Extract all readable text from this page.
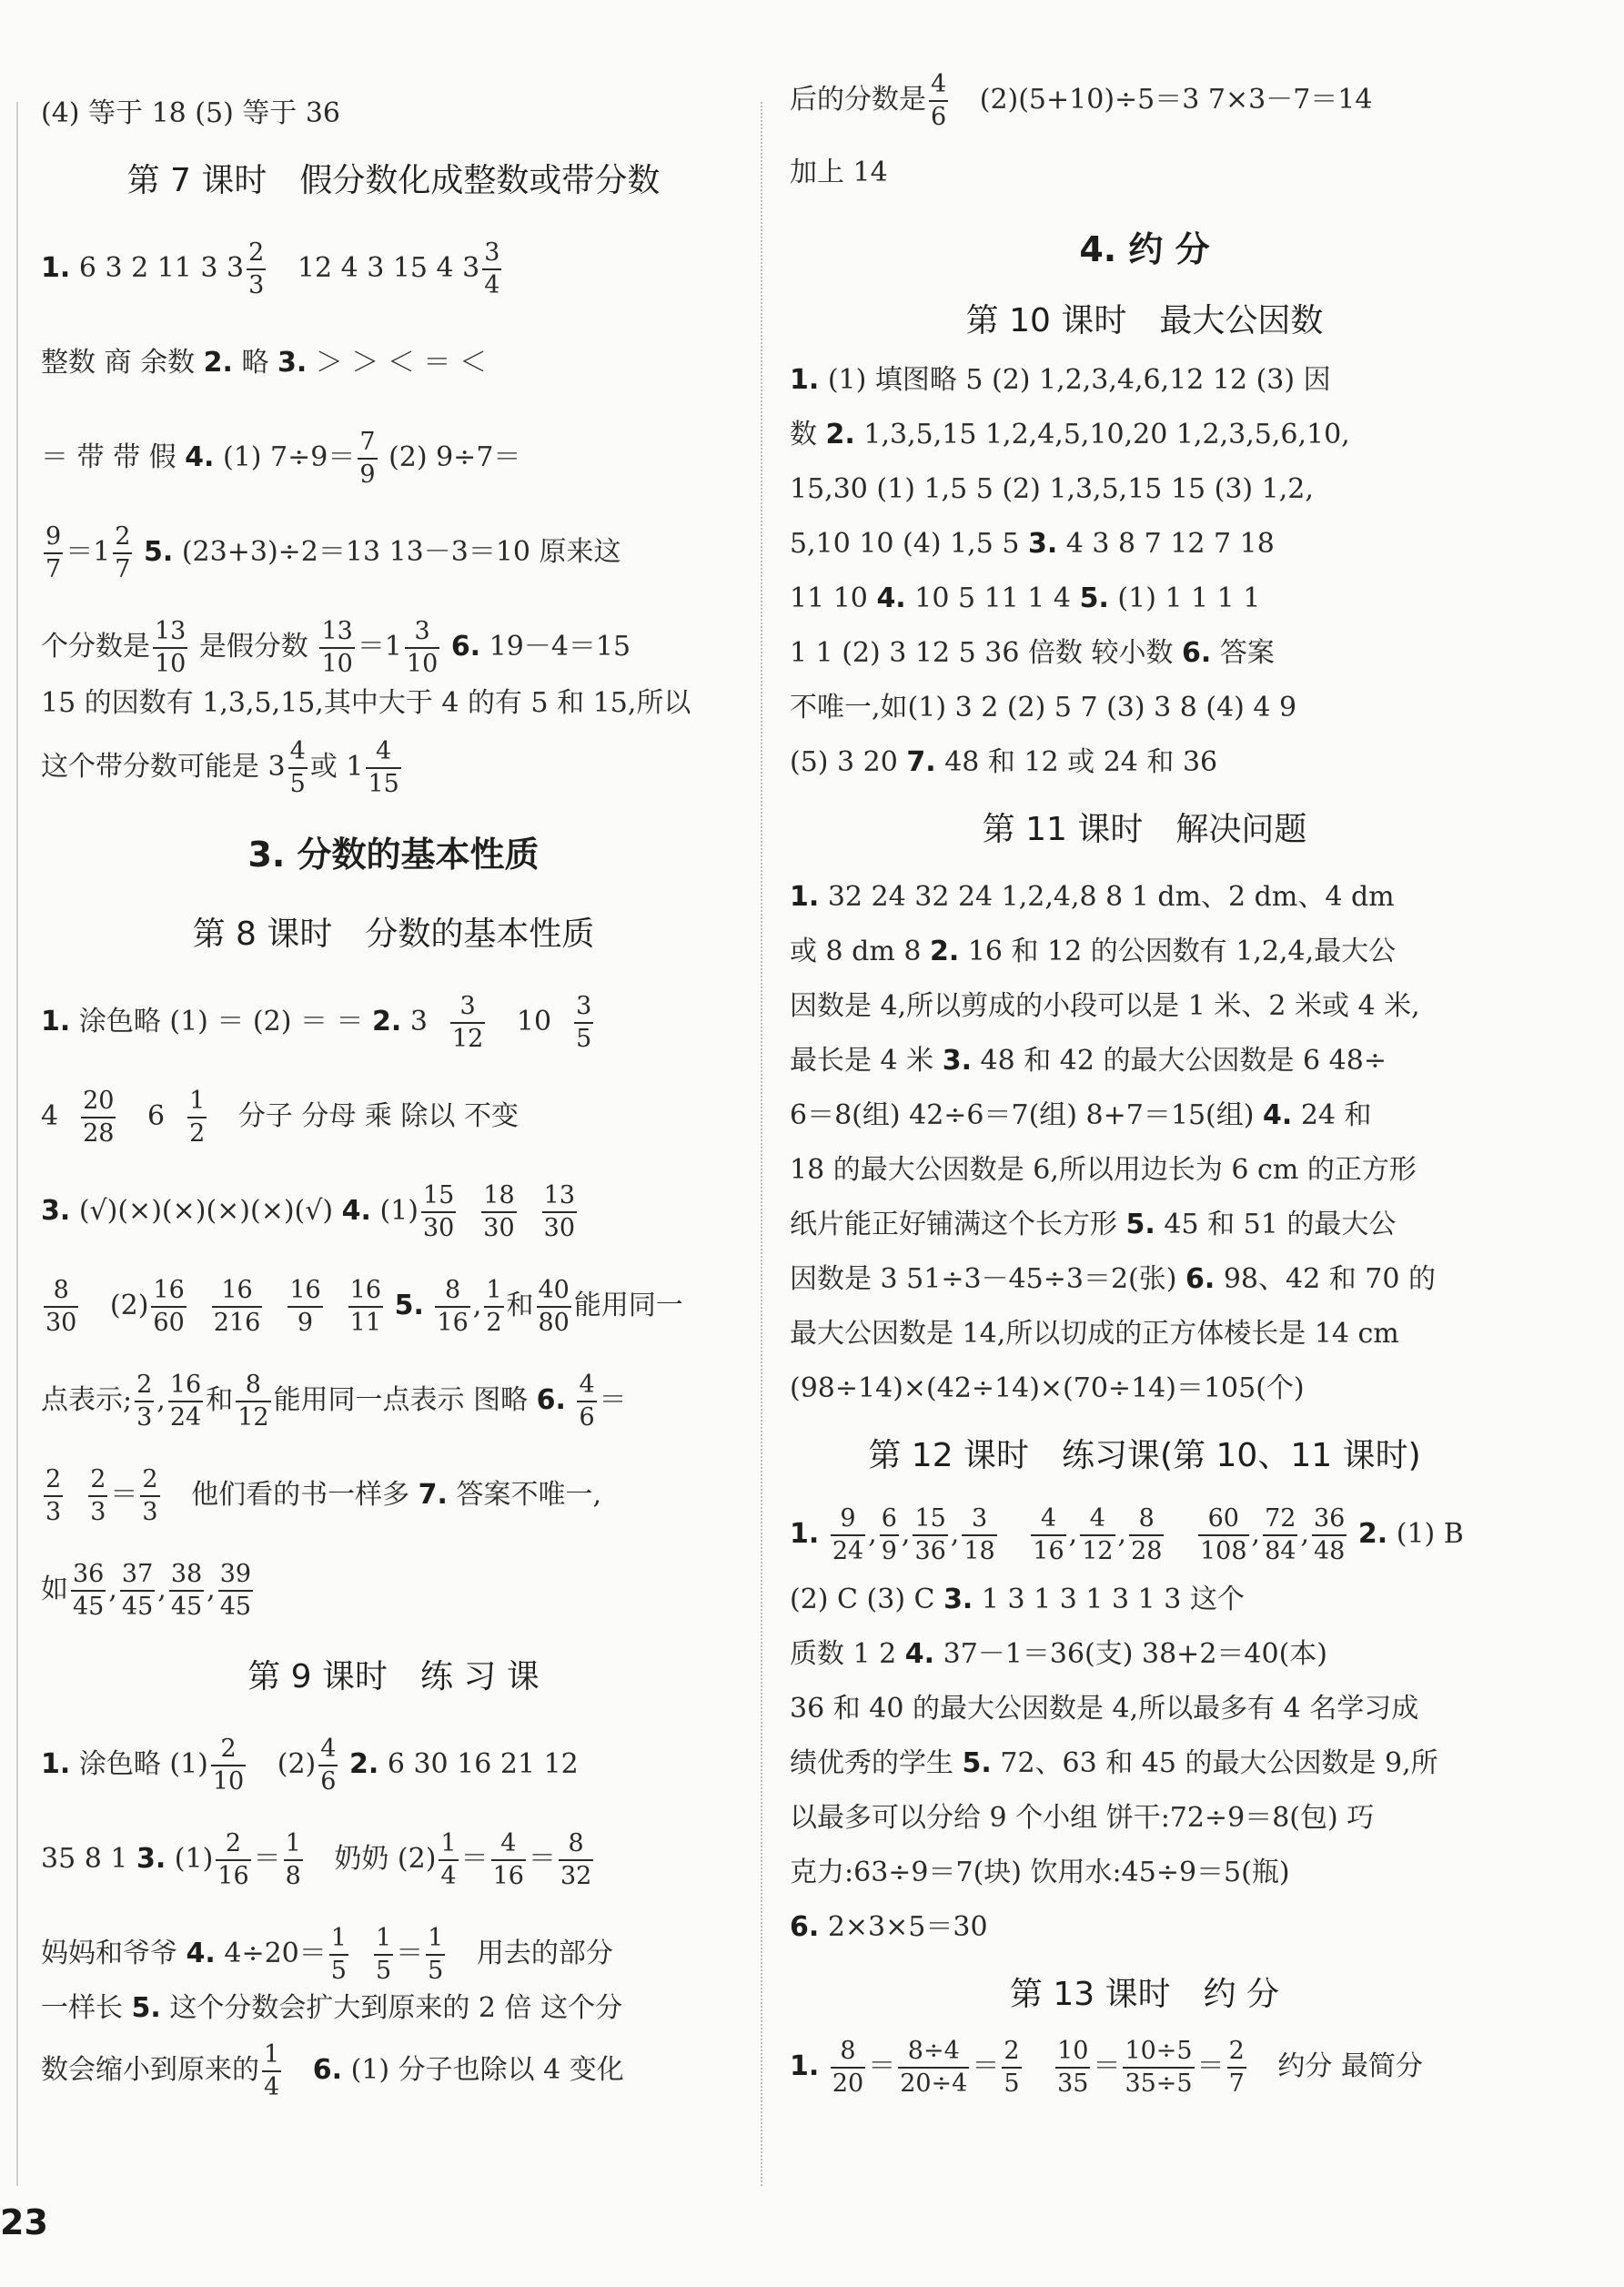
(4) 等于 18 (5) 等于 36
第 7 课时　假分数化成整数或带分数
1. 6 3 2 11 3 $3 \frac{2}{3} 12$ 4 3 15 4 $3 \frac{3}{4}$

整数 商 余数 2. 略 3. ＞ ＞ ＜ ＝ ＜
＝ 带 带 假 4. (1) $7\div 9= \frac{7}{9} (2)$ 9÷7＝

$\frac{9}{7} =1 \frac{2}{7} 5$. (23+3)÷2＝13 13－3＝10 原来这
个分数是 $\frac{13}{10}$ 是假分数 $\frac{13}{10} =1 \frac{3}{10} 6$. 19－4＝15

15 的因数有 1,3,5,15,其中大于 4 的有 5 和 15,所以
这个带分数可能是 $3 \frac{4}{5}$ 或 $1 \frac{4}{15}$
3. 分数的基本性质
第 8 课时　分数的基本性质
1. 涂色略 (1) ＝ (2) ＝ ＝ 2. $3 \frac{3}{12} 10 \frac{3}{5}$

$4 \frac{20}{28} 6 \frac{1}{2}$ 分子 分母 乘 除以 不变
3. (√)(×)(×)(×)(×)(√) 4. $(1) \frac{15}{30} \frac{18}{30} \frac{13}{30}$

$\frac{8}{30} (2) \frac{16}{60} \frac{16}{216} \frac{16}{9} \frac{16}{11} 5$. $\frac{8}{16}$ , $\frac{1}{2}$ 和 $\frac{40}{80}$ 能用同一
点表示; $\frac{2}{3}$ , $\frac{16}{24}$ 和 $\frac{8}{12}$ 能用同一点表示 图略 6. $\frac{4}{6}$ ＝

$\frac{2}{3} \frac{2}{3} = \frac{2}{3}$ 他们看的书一样多 7. 答案不唯一,
如 $\frac{36}{45}$ , $\frac{37}{45}$ , $\frac{38}{45}$ , $\frac{39}{45}$
第 9 课时　练 习 课
1. 涂色略 $(1) \frac{2}{10} (2) \frac{4}{6} 2$. 6 30 16 21 12
35 8 1 3. $(1) \frac{2}{16} = \frac{1}{8}$ 奶奶 $(2) \frac{1}{4} = \frac{4}{16} = \frac{8}{32}$

妈妈和爷爷 4. $4\div 20= \frac{1}{5} \frac{1}{5} = \frac{1}{5}$ 用去的部分

一样长 5. 这个分数会扩大到原来的 2 倍 这个分
数会缩小到原来的 $\frac{1}{4} 6$. (1) 分子也除以 4 变化
后的分数是 $\frac{4}{6} (2)(5+10)\div 5=3$ 7×3－7＝14
加上 14
4. 约 分
第 10 课时　最大公因数
1. (1) 填图略 5 (2) 1,2,3,4,6,12 12 (3) 因
数 2. 1,3,5,15 1,2,4,5,10,20 1,2,3,5,6,10,
15,30 (1) 1,5 5 (2) 1,3,5,15 15 (3) 1,2,
5,10 10 (4) 1,5 5 3. 4 3 8 7 12 7 18
11 10 4. 10 5 11 1 4 5. (1) 1 1 1 1
1 1 (2) 3 12 5 36 倍数 较小数 6. 答案
不唯一,如(1) 3 2 (2) 5 7 (3) 3 8 (4) 4 9
(5) 3 20 7. 48 和 12 或 24 和 36
第 11 课时　解决问题
1. 32 24 32 24 1,2,4,8 8 1 dm、2 dm、4 dm
或 8 dm 8 2. 16 和 12 的公因数有 1,2,4,最大公
因数是 4,所以剪成的小段可以是 1 米、2 米或 4 米,
最长是 4 米 3. 48 和 42 的最大公因数是 6 48÷
6＝8(组) 42÷6＝7(组) 8+7＝15(组) 4. 24 和
18 的最大公因数是 6,所以用边长为 6 cm 的正方形
纸片能正好铺满这个长方形 5. 45 和 51 的最大公
因数是 3 51÷3－45÷3＝2(张) 6. 98、42 和 70 的
最大公因数是 14,所以切成的正方体棱长是 14 cm
(98÷14)×(42÷14)×(70÷14)＝105(个)
第 12 课时　练习课(第 10、11 课时)
1. $\frac{9}{24}$ , $\frac{6}{9}$ , $\frac{15}{36}$ , $\frac{3}{18}$
$\frac{4}{16}$ , $\frac{4}{12}$ , $\frac{8}{28}$
$\frac{60}{108}$ , $\frac{72}{84}$ , $\frac{36}{48} 2$. (1) B
(2) C (3) C 3. 1 3 1 3 1 3 1 3 这个
质数 1 2 4. 37－1＝36(支) 38+2＝40(本)
36 和 40 的最大公因数是 4,所以最多有 4 名学习成
绩优秀的学生 5. 72、63 和 45 的最大公因数是 9,所
以最多可以分给 9 个小组 饼干:72÷9＝8(包) 巧
克力:63÷9＝7(块) 饮用水:45÷9＝5(瓶)
6. 2×3×5＝30
第 13 课时　约 分
1. $\frac{8}{20} = \frac{8\div 4}{20\div 4} = \frac{2}{5}$
$\frac{10}{35} = \frac{10\div 5}{35\div 5} = \frac{2}{7}$ 约分 最简分
23
